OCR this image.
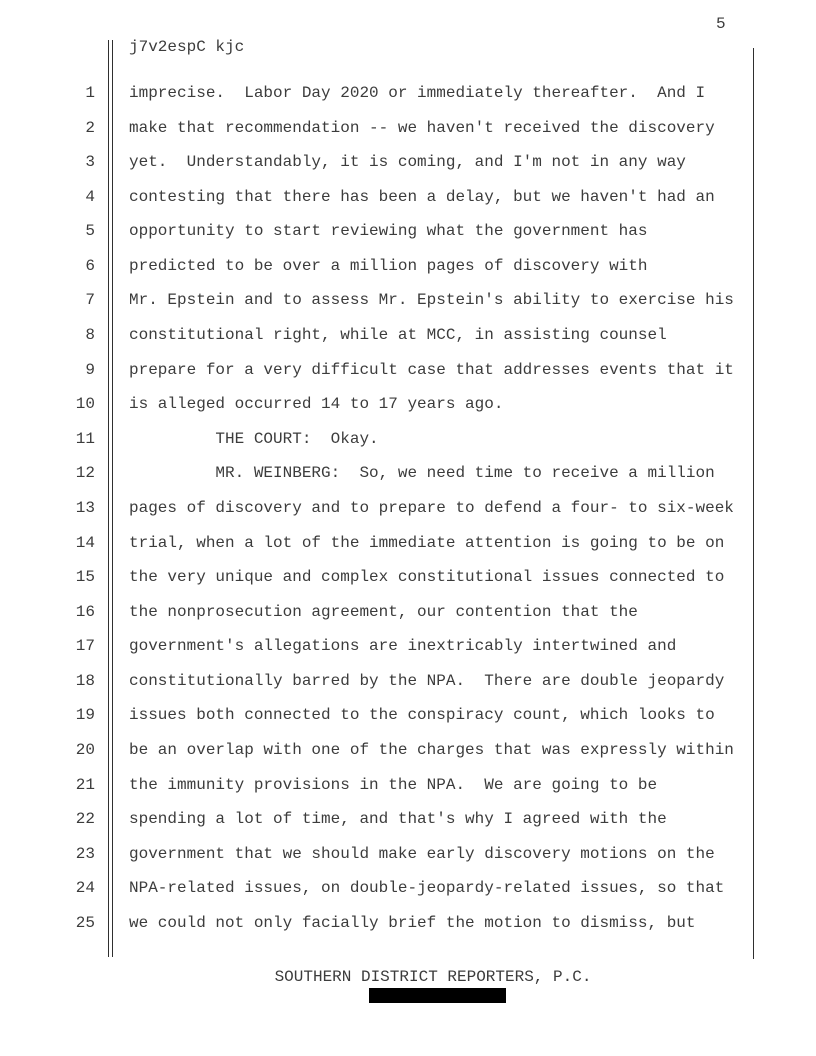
5
j7v2espC kjc
1 imprecise.  Labor Day 2020 or immediately thereafter.  And I
2 make that recommendation -- we haven't received the discovery
3 yet.  Understandably, it is coming, and I'm not in any way
4 contesting that there has been a delay, but we haven't had an
5 opportunity to start reviewing what the government has
6 predicted to be over a million pages of discovery with
7 Mr. Epstein and to assess Mr. Epstein's ability to exercise his
8 constitutional right, while at MCC, in assisting counsel
9 prepare for a very difficult case that addresses events that it
10 is alleged occurred 14 to 17 years ago.
11 THE COURT:  Okay.
12 MR. WEINBERG:  So, we need time to receive a million
13 pages of discovery and to prepare to defend a four- to six-week
14 trial, when a lot of the immediate attention is going to be on
15 the very unique and complex constitutional issues connected to
16 the nonprosecution agreement, our contention that the
17 government's allegations are inextricably intertwined and
18 constitutionally barred by the NPA.  There are double jeopardy
19 issues both connected to the conspiracy count, which looks to
20 be an overlap with one of the charges that was expressly within
21 the immunity provisions in the NPA.  We are going to be
22 spending a lot of time, and that's why I agreed with the
23 government that we should make early discovery motions on the
24 NPA-related issues, on double-jeopardy-related issues, so that
25 we could not only facially brief the motion to dismiss, but
SOUTHERN DISTRICT REPORTERS, P.C.
